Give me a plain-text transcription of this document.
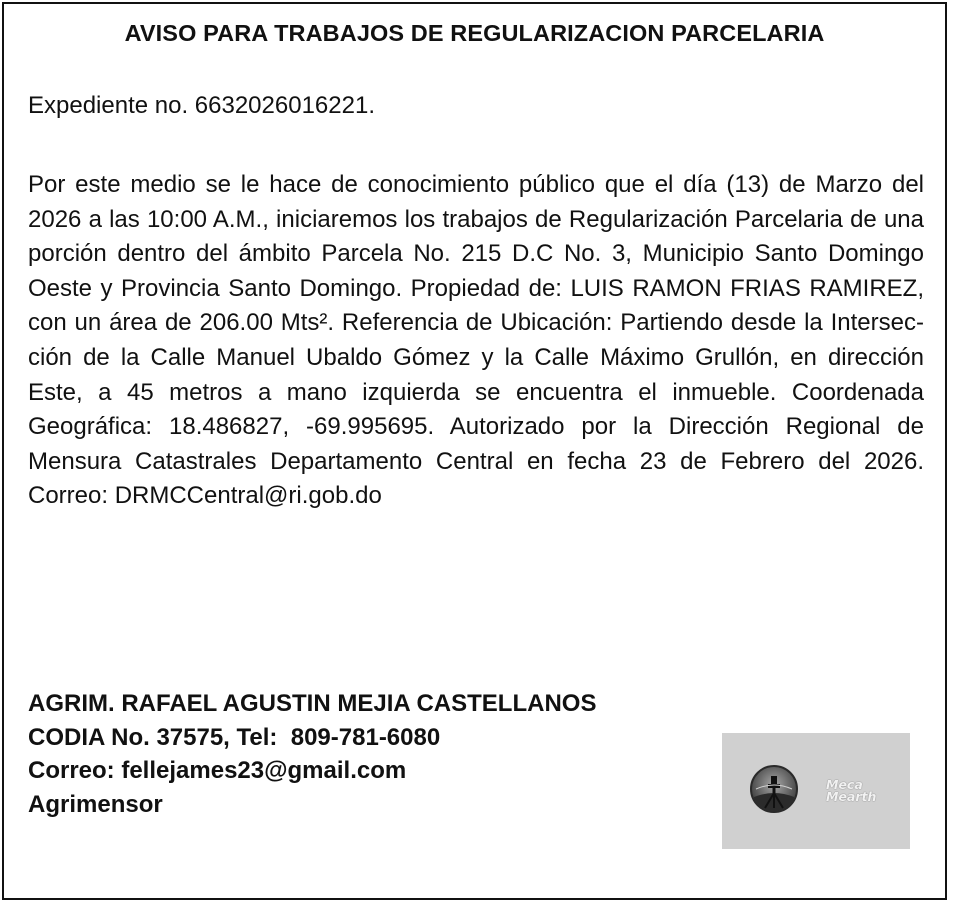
AVISO PARA TRABAJOS DE REGULARIZACION PARCELARIA
Expediente no. 6632026016221.
Por este medio se le hace de conocimiento público que el día (13) de Marzo del 2026 a las 10:00 A.M., iniciaremos los trabajos de Regularización Parcelaria de una porción dentro del ámbito Parcela No. 215 D.C No. 3, Municipio Santo Domingo Oeste y Provincia Santo Domingo. Propiedad de: LUIS RAMON FRIAS RAMIREZ, con un área de 206.00 Mts². Referencia de Ubicación: Partiendo desde la Intersección de la Calle Manuel Ubaldo Gómez y la Calle Máximo Grullón, en dirección Este, a 45 metros a mano izquierda se encuentra el inmueble. Coordenada Geográfica: 18.486827, -69.995695. Autorizado por la Dirección Regional de Mensura Catastrales Departamento Central en fecha 23 de Febrero del 2026. Correo: DRMCCentral@ri.gob.do
AGRIM. RAFAEL AGUSTIN MEJIA CASTELLANOS
CODIA No. 37575, Tel:  809-781-6080
Correo: fellejames23@gmail.com
Agrimensor
Meca
Mearth
